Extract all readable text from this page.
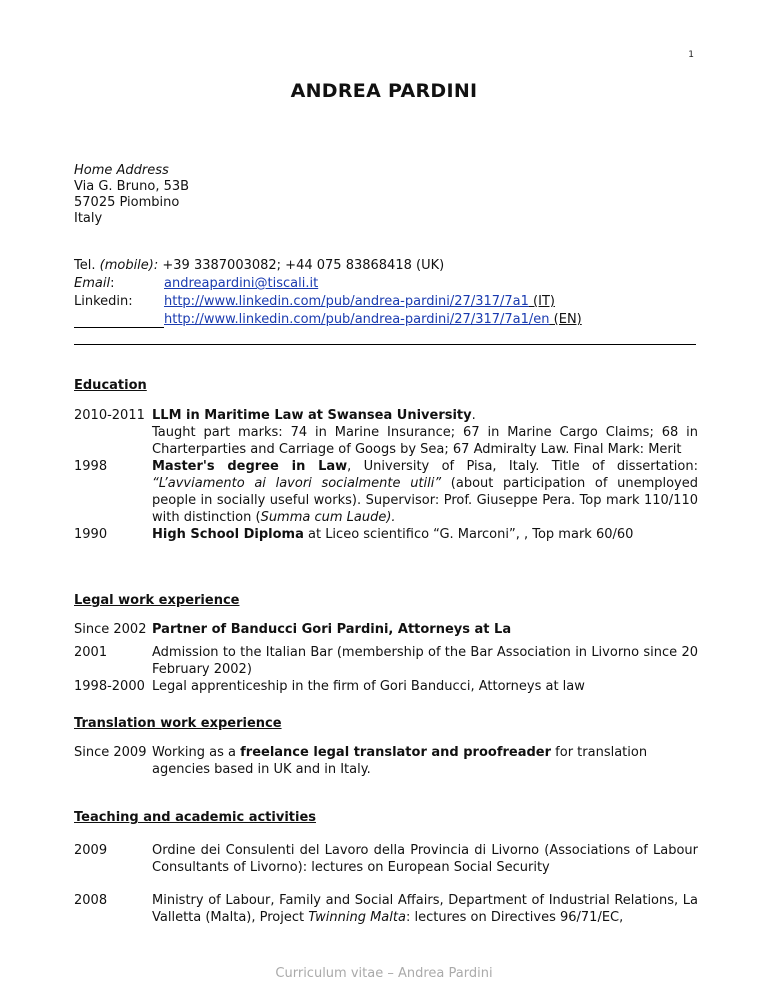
1
ANDREA PARDINI
Home Address
Via G. Bruno, 53B
57025 Piombino
Italy
Tel. (mobile):
+39 3387003082; +44 075 83868418 (UK)
Email:	andreapardini@tiscali.it
Linkedin:	http://www.linkedin.com/pub/andrea-pardini/27/317/7a1 (IT)
http://www.linkedin.com/pub/andrea-pardini/27/317/7a1/en (EN)
Education
2010-2011 LLM in Maritime Law at Swansea University.
Taught part marks: 74 in Marine Insurance; 67 in Marine Cargo Claims; 68 in Charterparties and Carriage of Googs by Sea; 67 Admiralty Law. Final Mark: Merit
1998	Master's degree in Law, University of Pisa, Italy. Title of dissertation: “L’avviamento ai lavori socialmente utili” (about participation of unemployed people in socially useful works). Supervisor: Prof. Giuseppe Pera. Top mark 110/110 with distinction (Summa cum Laude).
1990	High School Diploma at Liceo scientifico “G. Marconi”, , Top mark 60/60
Legal work experience
Since 2002 Partner of Banducci Gori Pardini, Attorneys at La
2001	Admission to the Italian Bar (membership of the Bar Association in Livorno since 20 February 2002)
1998-2000 Legal apprenticeship in the firm of Gori Banducci, Attorneys at law
Translation work experience
Since 2009 Working as a freelance legal translator and proofreader for translation agencies based in UK and in Italy.
Teaching and academic activities
2009	Ordine dei Consulenti del Lavoro della Provincia di Livorno (Associations of Labour Consultants of Livorno): lectures on European Social Security
2008	Ministry of Labour, Family and Social Affairs, Department of Industrial Relations, La Valletta (Malta), Project Twinning Malta: lectures on Directives 96/71/EC,
Curriculum vitae – Andrea Pardini
